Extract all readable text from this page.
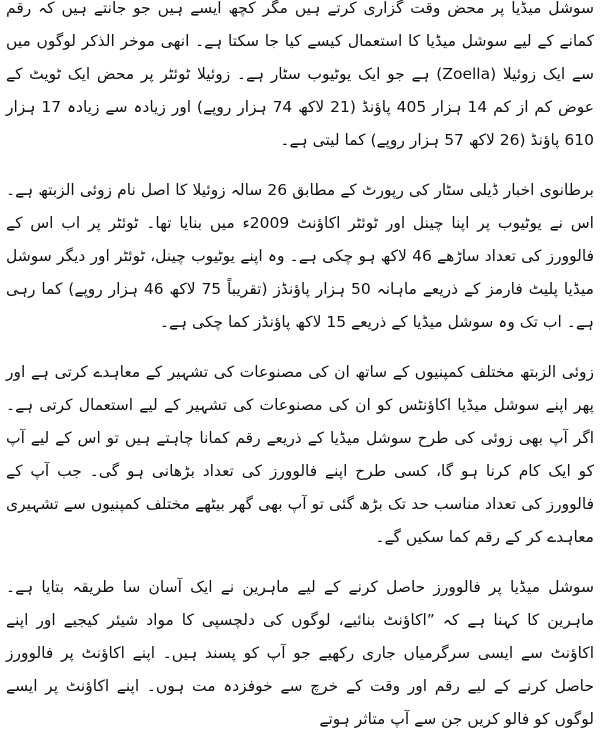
سوشل میڈیا پر محض وقت گزاری کرتے ہیں مگر کچھ ایسے ہیں جو جانتے ہیں کہ رقم کمانے کے لیے سوشل میڈیا کا استعمال کیسے کیا جا سکتا ہے۔ انھی موخر الذکر لوگوں میں سے ایک زوئیلا (Zoella) ہے جو ایک یوٹیوب سٹار ہے۔ زوئیلا ٹوئٹر پر محض ایک ٹویٹ کے عوض کم از کم 14 ہزار 405 پاؤنڈ (21 لاکھ 74 ہزار روپے) اور زیادہ سے زیادہ 17 ہزار 610 پاؤنڈ (26 لاکھ 57 ہزار روپے) کما لیتی ہے۔

برطانوی اخبار ڈیلی سٹار کی رپورٹ کے مطابق 26 سالہ زوئیلا کا اصل نام زوئی الزبتھ ہے۔ اس نے یوٹیوب پر اپنا چینل اور ٹوئٹر اکاؤنٹ 2009ء میں بنایا تھا۔ ٹوئٹر پر اب اس کے فالوورز کی تعداد ساڑھے 46 لاکھ ہو چکی ہے۔ وہ اپنے یوٹیوب چینل، ٹوئٹر اور دیگر سوشل میڈیا پلیٹ فارمز کے ذریعے ماہانہ 50 ہزار پاؤنڈز (تقریباً 75 لاکھ 46 ہزار روپے) کما رہی ہے۔ اب تک وہ سوشل میڈیا کے ذریعے 15 لاکھ پاؤنڈز کما چکی ہے۔

زوئی الزبتھ مختلف کمپنیوں کے ساتھ ان کی مصنوعات کی تشہیر کے معاہدے کرتی ہے اور پھر اپنے سوشل میڈیا اکاؤنٹس کو ان کی مصنوعات کی تشہیر کے لیے استعمال کرتی ہے۔ اگر آپ بھی زوئی کی طرح سوشل میڈیا کے ذریعے رقم کمانا چاہتے ہیں تو اس کے لیے آپ کو ایک کام کرنا ہو گا، کسی طرح اپنے فالوورز کی تعداد بڑھانی ہو گی۔ جب آپ کے فالوورز کی تعداد مناسب حد تک بڑھ گئی تو آپ بھی گھر بیٹھے مختلف کمپنیوں سے تشہیری معاہدے کر کے رقم کما سکیں گے۔

سوشل میڈیا پر فالوورز حاصل کرنے کے لیے ماہرین نے ایک آسان سا طریقہ بتایا ہے۔ ماہرین کا کہنا ہے کہ ”اکاؤنٹ بنائیے، لوگوں کی دلچسپی کا مواد شیئر کیجیے اور اپنے اکاؤنٹ سے ایسی سرگرمیاں جاری رکھیے جو آپ کو پسند ہیں۔ اپنے اکاؤنٹ پر فالوورز حاصل کرنے کے لیے رقم اور وقت کے خرچ سے خوفزدہ مت ہوں۔ اپنے اکاؤنٹ پر ایسے لوگوں کو فالو کریں جن سے آپ متاثر ہوتے
